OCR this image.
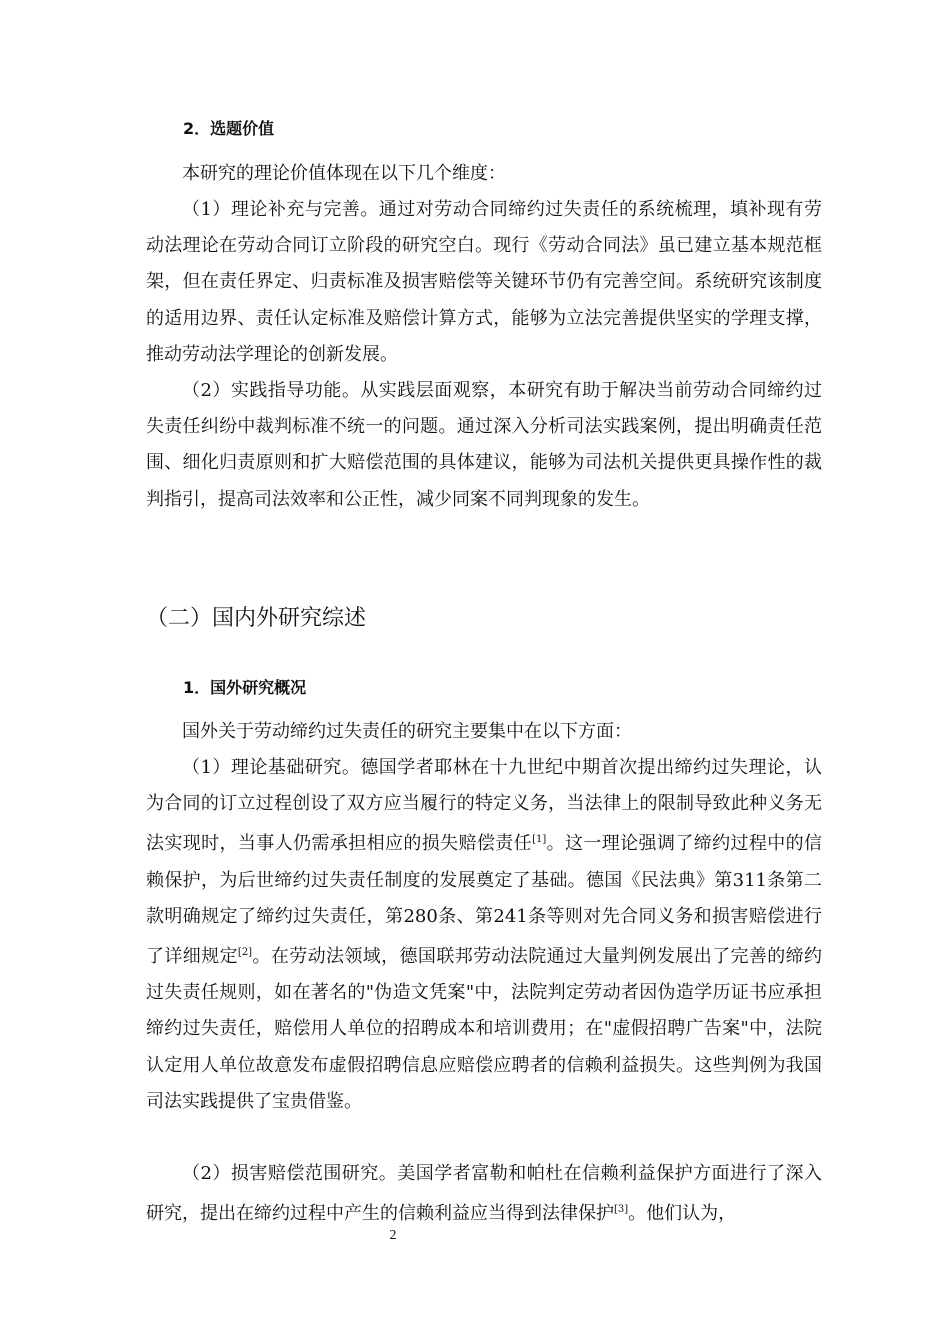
2．选题价值

本研究的理论价值体现在以下几个维度：

（1）理论补充与完善。通过对劳动合同缔约过失责任的系统梳理，填补现有劳动法理论在劳动合同订立阶段的研究空白。现行《劳动合同法》虽已建立基本规范框架，但在责任界定、归责标准及损害赔偿等关键环节仍有完善空间。系统研究该制度的适用边界、责任认定标准及赔偿计算方式，能够为立法完善提供坚实的学理支撑，推动劳动法学理论的创新发展。

（2）实践指导功能。从实践层面观察，本研究有助于解决当前劳动合同缔约过失责任纠纷中裁判标准不统一的问题。通过深入分析司法实践案例，提出明确责任范围、细化归责原则和扩大赔偿范围的具体建议，能够为司法机关提供更具操作性的裁判指引，提高司法效率和公正性，减少同案不同判现象的发生。

（二）国内外研究综述
1．国外研究概况

国外关于劳动缔约过失责任的研究主要集中在以下方面：

（1）理论基础研究。德国学者耶林在十九世纪中期首次提出缔约过失理论，认为合同的订立过程创设了双方应当履行的特定义务，当法律上的限制导致此种义务无法实现时，当事人仍需承担相应的损失赔偿责任[1]。这一理论强调了缔约过程中的信赖保护，为后世缔约过失责任制度的发展奠定了基础。德国《民法典》第311条第二款明确规定了缔约过失责任，第280条、第241条等则对先合同义务和损害赔偿进行了详细规定[2]。在劳动法领域，德国联邦劳动法院通过大量判例发展出了完善的缔约过失责任规则，如在著名的"伪造文凭案"中，法院判定劳动者因伪造学历证书应承担缔约过失责任，赔偿用人单位的招聘成本和培训费用；在"虚假招聘广告案"中，法院认定用人单位故意发布虚假招聘信息应赔偿应聘者的信赖利益损失。这些判例为我国司法实践提供了宝贵借鉴。

（2）损害赔偿范围研究。美国学者富勒和帕杜在信赖利益保护方面进行了深入研究，提出在缔约过程中产生的信赖利益应当得到法律保护[3]。他们认为，

2
